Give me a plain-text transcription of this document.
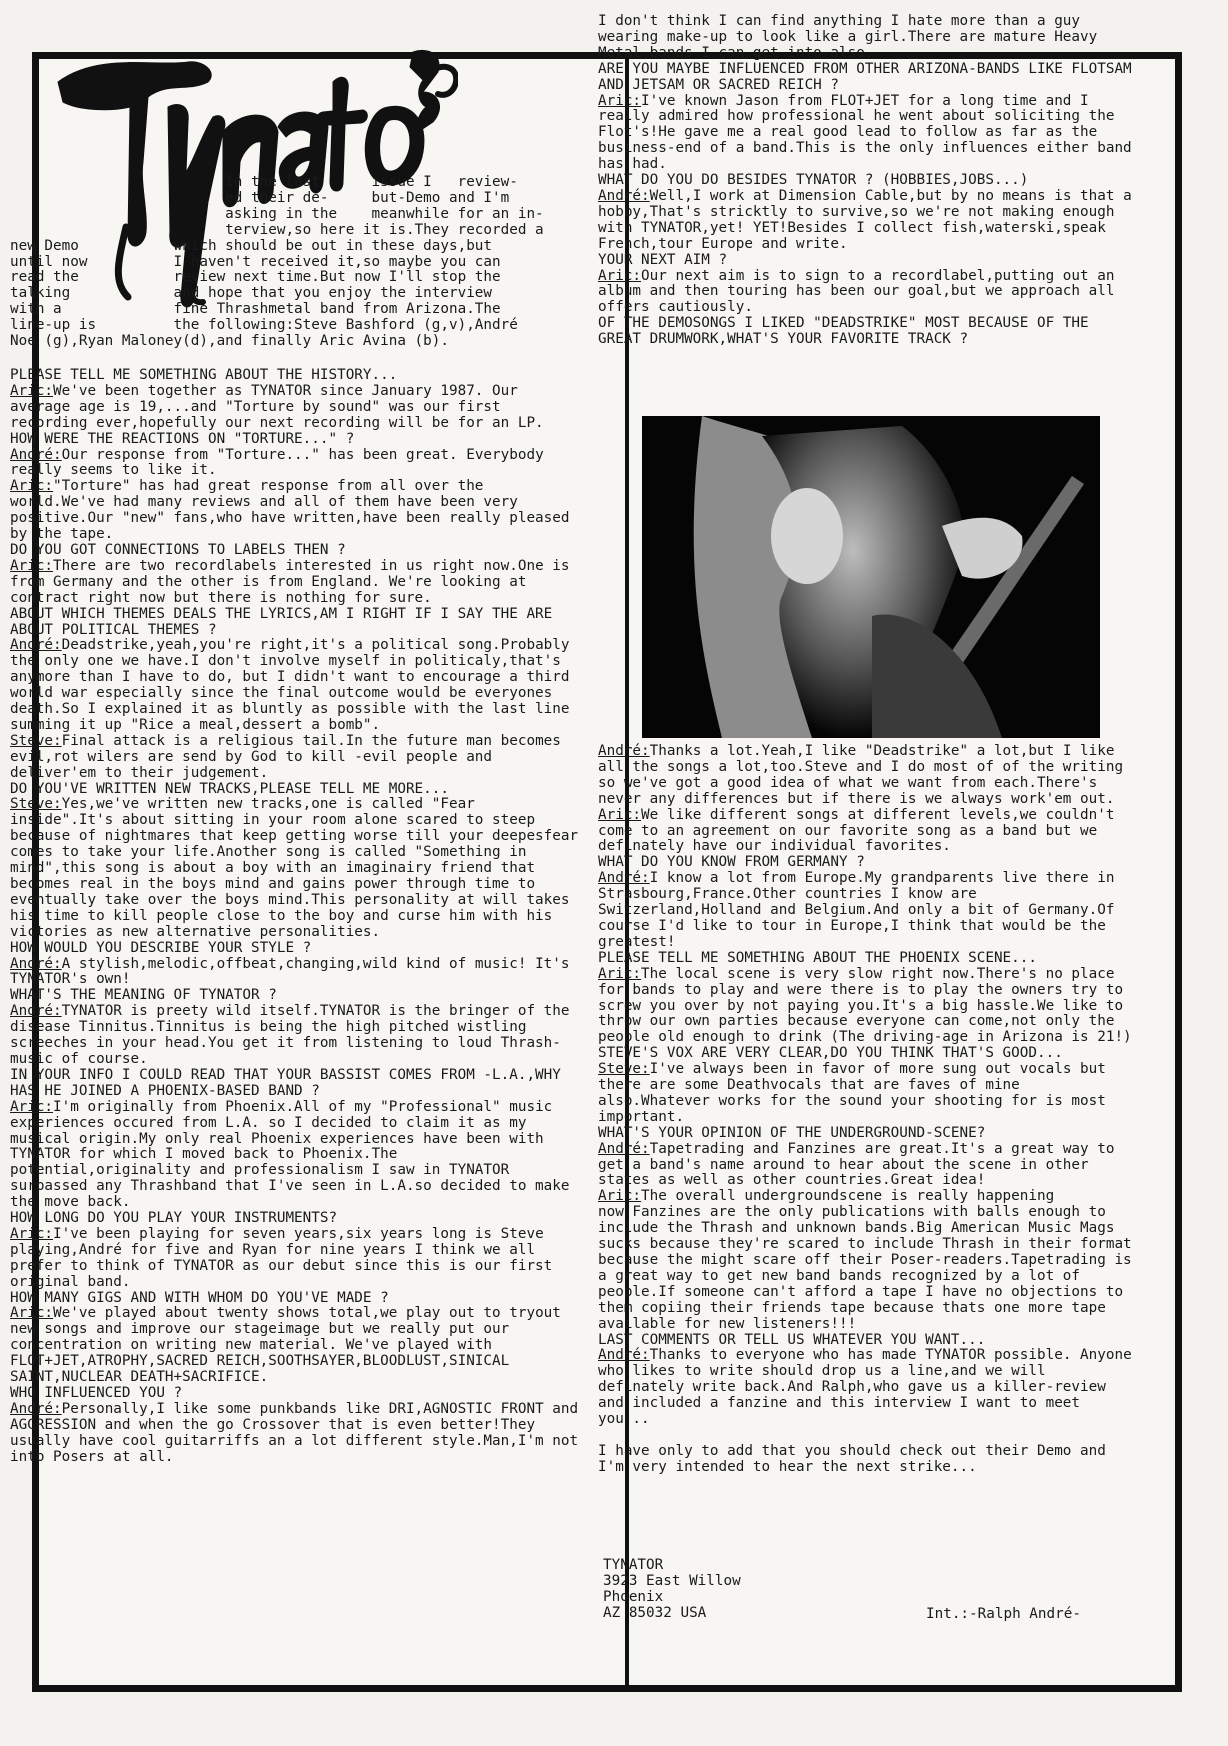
In the last      issue I   review-
ed their de-     but-Demo and I'm
asking in the    meanwhile for an in-
terview,so here it is.They recorded a
new Demo           which should be out in these days,but
until now          I haven't received it,so maybe you can
read the           review next time.But now I'll stop the
talking            and hope that you enjoy the interview
with a             fine Thrashmetal band from Arizona.The
line-up is         the following:Steve Bashford (g,v),André
Noe (g),Ryan Maloney(d),and finally Aric Avina (b).
PLEASE TELL ME SOMETHING ABOUT THE HISTORY...
Aric:We've been together as TYNATOR since January 1987. Our average age is 19,...and "Torture by sound" was our first recording ever,hopefully our next recording will be for an LP.
HOW WERE THE REACTIONS ON "TORTURE..." ?
André:Our response from "Torture..." has been great. Everybody really seems to like it.
Aric:"Torture" has had great response from all over the world.We've had many reviews and all of them have been very positive.Our "new" fans,who have written,have been really pleased by the tape.
DO YOU GOT CONNECTIONS TO LABELS THEN ?
Aric:There are two recordlabels interested in us right now.One is from Germany and the other is from England. We're looking at contract right now but there is nothing for sure.
ABOUT WHICH THEMES DEALS THE LYRICS,AM I RIGHT IF I SAY THE ARE ABOUT POLITICAL THEMES ?
André:Deadstrike,yeah,you're right,it's a political song.Probably the only one we have.I don't involve myself in politicaly,that's anymore than I have to do, but I didn't want to encourage a third world war especially since the final outcome would be everyones death.So I explained it as bluntly as possible with the last line summing it up "Rice a meal,dessert a bomb".
Steve:Final attack is a religious tail.In the future man becomes evil,rot wilers are send by God to kill -evil people and deliver'em to their judgement.
DO YOU'VE WRITTEN NEW TRACKS,PLEASE TELL ME MORE...
Steve:Yes,we've written new tracks,one is called "Fear inside".It's about sitting in your room alone scared to steep because of nightmares that keep getting worse till your deepesfear comes to take your life.Another song is called "Something in mind",this song is about a boy with an imaginairy friend that becomes real in the boys mind and gains power through time to eventually take over the boys mind.This personality at will takes his time to kill people close to the boy and curse him with his victories as new alternative personalities.
HOW WOULD YOU DESCRIBE YOUR STYLE ?
André:A stylish,melodic,offbeat,changing,wild kind of music! It's TYNATOR's own!
WHAT'S THE MEANING OF TYNATOR ?
André:TYNATOR is preety wild itself.TYNATOR is the bringer of the disease Tinnitus.Tinnitus is being the high pitched wistling screeches in your head.You get it from listening to loud Thrash-music of course.
IN YOUR INFO I COULD READ THAT YOUR BASSIST COMES FROM -L.A.,WHY HAS HE JOINED A PHOENIX-BASED BAND ?
Aric:I'm originally from Phoenix.All of my "Professional" music experiences occured from L.A. so I decided to claim it as my musical origin.My only real Phoenix experiences have been with TYNATOR for which I moved back to Phoenix.The potential,originality and professionalism I saw in TYNATOR surpassed any Thrashband that I've seen in L.A.so decided to make the move back.
HOW LONG DO YOU PLAY YOUR INSTRUMENTS?
Aric:I've been playing for seven years,six years long is Steve playing,André for five and Ryan for nine years I think we all prefer to think of TYNATOR as our debut since this is our first original band.
HOW MANY GIGS AND WITH WHOM DO YOU'VE MADE ?
Aric:We've played about twenty shows total,we play out to tryout new songs and improve our stageimage but we really put our concentration on writing new material. We've played with FLOT+JET,ATROPHY,SACRED REICH,SOOTHSAYER,BLOODLUST,SINICAL SAINT,NUCLEAR DEATH+SACRIFICE.
WHO INFLUENCED YOU ?
André:Personally,I like some punkbands like DRI,AGNOSTIC FRONT and AGGRESSION and when the go Crossover that is even better!They usually have cool guitarriffs an a lot different style.Man,I'm not into Posers at all.
I don't think I can find anything I hate more than a guy wearing make-up to look like a girl.There are mature Heavy Metal bands I can get into also.
ARE YOU MAYBE INFLUENCED FROM OTHER ARIZONA-BANDS LIKE FLOTSAM AND JETSAM OR SACRED REICH ?
Aric:I've known Jason from FLOT+JET for a long time and I really admired how professional he went about soliciting the Flot's!He gave me a real good lead to follow as far as the business-end of a band.This is the only influences either band has had.
WHAT DO YOU DO BESIDES TYNATOR ? (HOBBIES,JOBS...)
André:Well,I work at Dimension Cable,but by no means is that a hobby,That's stricktly to survive,so we're not making enough with TYNATOR,yet! YET!Besides I collect fish,waterski,speak French,tour Europe and write.
YOUR NEXT AIM ?
Aric:Our next aim is to sign to a recordlabel,putting out an album and then touring has been our goal,but we approach all offers cautiously.
OF THE DEMOSONGS I LIKED "DEADSTRIKE" MOST BECAUSE OF THE GREAT DRUMWORK,WHAT'S YOUR FAVORITE TRACK ?
André:Thanks a lot.Yeah,I like "Deadstrike" a lot,but I like all the songs a lot,too.Steve and I do most of of the writing so we've got a good idea of what we want from each.There's never any differences but if there is we always work'em out.
Aric:We like different songs at different levels,we couldn't come to an agreement on our favorite song as a band but we definately have our individual favorites.
WHAT DO YOU KNOW FROM GERMANY ?
André:I know a lot from Europe.My grandparents live there in Strasbourg,France.Other countries I know are Switzerland,Holland and Belgium.And only a bit of Germany.Of course I'd like to tour in Europe,I think that would be the greatest!
PLEASE TELL ME SOMETHING ABOUT THE PHOENIX SCENE...
Aric:The local scene is very slow right now.There's no place for bands to play and were there is to play the owners try to screw you over by not paying you.It's a big hassle.We like to throw our own parties because everyone can come,not only the people old enough to drink (The driving-age in Arizona is 21!)
STEVE'S VOX ARE VERY CLEAR,DO YOU THINK THAT'S GOOD...
Steve:I've always been in favor of more sung out vocals but there are some Deathvocals that are faves of mine also.Whatever works for the sound your shooting for is most important.
WHAT'S YOUR OPINION OF THE UNDERGROUND-SCENE?
André:Tapetrading and Fanzines are great.It's a great way to get a band's name around to hear about the scene in other states as well as other countries.Great idea!
Aric:The overall undergroundscene is really happening now.Fanzines are the only publications with balls enough to include the Thrash and unknown bands.Big American Music Mags sucks because they're scared to include Thrash in their format because the might scare off their Poser-readers.Tapetrading is a great way to get new band bands recognized by a lot of people.If someone can't afford a tape I have no objections to them copiing their friends tape because thats one more tape available for new listeners!!!
LAST COMMENTS OR TELL US WHATEVER YOU WANT...
André:Thanks to everyone who has made TYNATOR possible. Anyone who likes to write should drop us a line,and we will definately write back.And Ralph,who gave us a killer-review and included a fanzine and this interview I want to meet you...
I have only to add that you should check out their Demo and I'm very intended to hear the next strike...
TYNATOR
3923 East Willow
Phoenix
AZ 85032 USA	Int.:-Ralph André-
